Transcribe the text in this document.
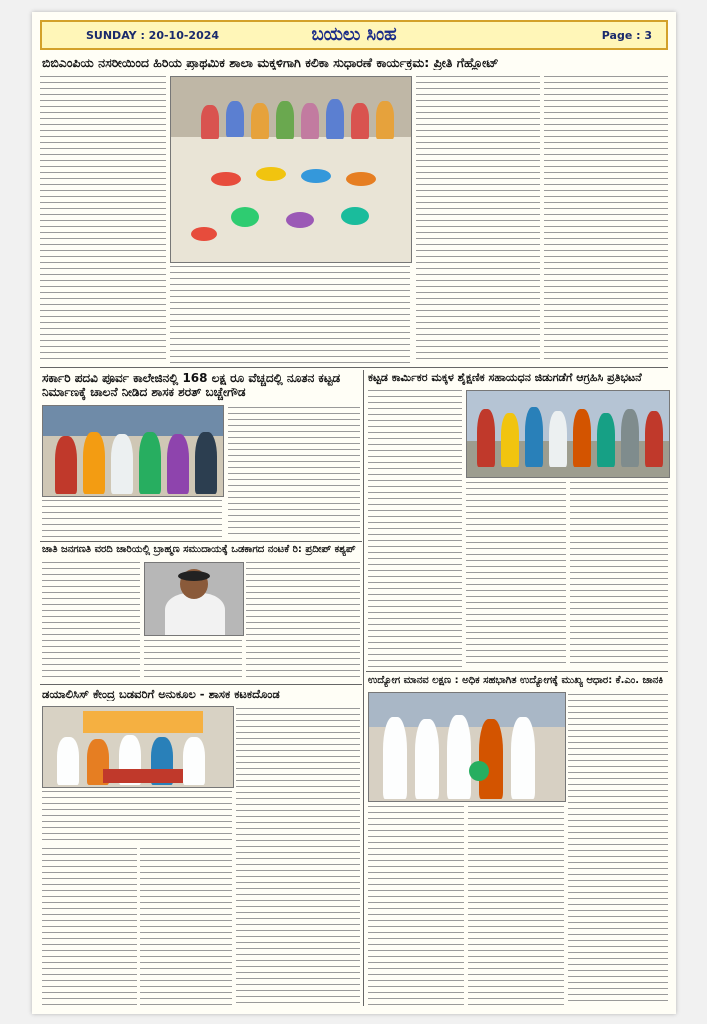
SUNDAY : 20-10-2024	ಬಯಲು ಸಿಂಹ	Page : 3
ಬಿಬಿಎಂಪಿಯ ನಸರೀಯಿಂದ ಹಿರಿಯ ಪ್ರಾಥಮಿಕ ಶಾಲಾ ಮಕ್ಕಳಿಗಾಗಿ ಕಲಿಕಾ ಸುಧಾರಣೆ ಕಾರ್ಯಕ್ರಮ: ಪ್ರೀತಿ ಗೆಹ್ಲೋಟ್
ಸರ್ಕಾರಿ ಪದವಿ ಪೂರ್ವ ಕಾಲೇಜಿನಲ್ಲಿ 168 ಲಕ್ಷ ರೂ ವೆಚ್ಚದಲ್ಲಿ ನೂತನ ಕಟ್ಟಡ ನಿರ್ಮಾಣಕ್ಕೆ ಚಾಲನೆ ನೀಡಿದ ಶಾಸಕ ಶರತ್ ಬಚ್ಚೇಗೌಡ
ಜಾತಿ ಜನಗಣತಿ ವರದಿ ಜಾರಿಯಲ್ಲಿ ಬ್ರಾಹ್ಮಣ ಸಮುದಾಯಕ್ಕೆ ಒಡಕಾಗದ ನಂಟಕೆ ರಿ: ಪ್ರದೀಪ್ ಕಶ್ಯಪ್
ಡಯಾಲಿಸಿಸ್ ಕೇಂದ್ರ ಬಡವರಿಗೆ ಅನುಕೂಲ - ಶಾಸಕ ಕಟಕದೊಂಡ
ಕಟ್ಟಡ ಕಾರ್ಮಿಕರ ಮಕ್ಕಳ ಶೈಕ್ಷಣಿಕ ಸಹಾಯಧನ ಜಿಡುಗಡೆಗೆ ಆಗ್ರಹಿಸಿ ಪ್ರತಿಭಟನೆ
ಉದ್ಯೋಗ ಮಾನವ ಲಕ್ಷಣ : ಅಧಿಕ ಸಹಭಾಗಿತ ಉದ್ಯೋಗಕ್ಕೆ ಮುಖ್ಯ ಆಧಾರ: ಕೆ.ಎಂ. ಜಾನಕಿ
